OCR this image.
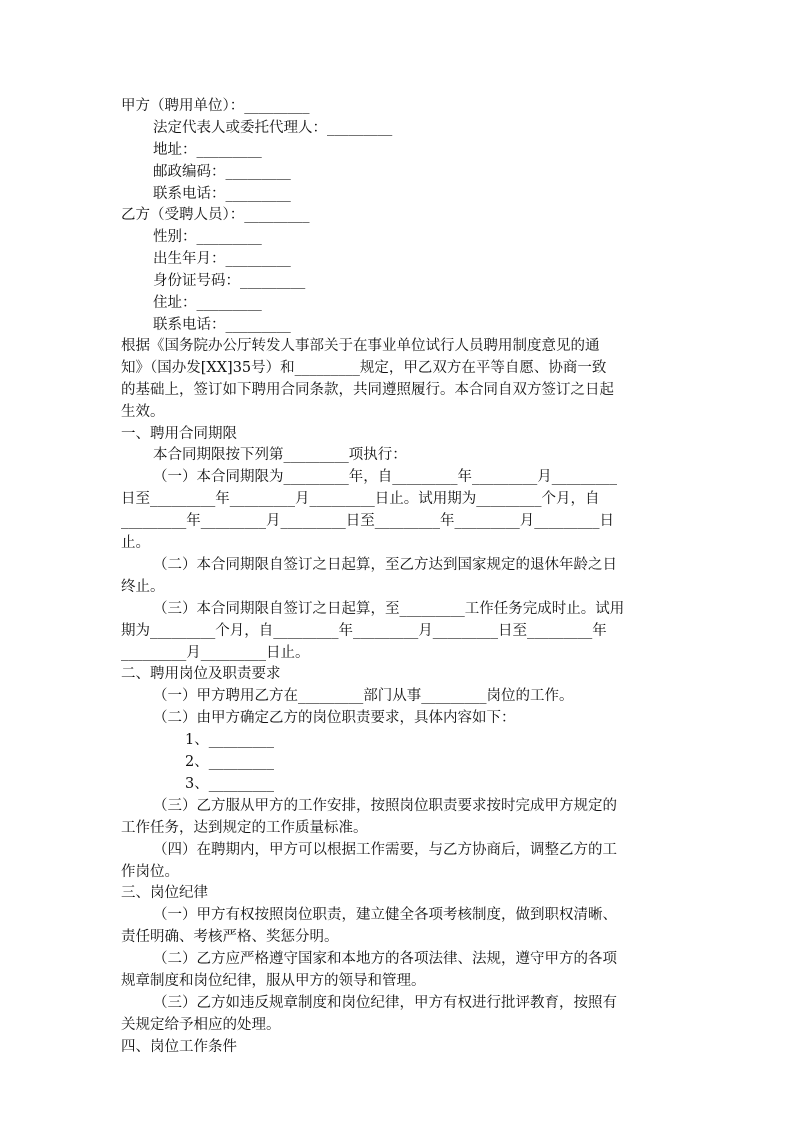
甲方（聘用单位）：_________
法定代表人或委托代理人：_________
地址：_________
邮政编码：_________
联系电话：_________
乙方（受聘人员）：_________
性别：_________
出生年月：_________
身份证号码：_________
住址：_________
联系电话：_________
根据《国务院办公厅转发人事部关于在事业单位试行人员聘用制度意见的通
知》（国办发[XX]35号）和_________规定，甲乙双方在平等自愿、协商一致
的基础上，签订如下聘用合同条款，共同遵照履行。本合同自双方签订之日起
生效。
一、聘用合同期限
本合同期限按下列第_________项执行：
（一）本合同期限为_________年，自_________年_________月_________
日至_________年_________月_________日止。试用期为_________个月，自
_________年_________月_________日至_________年_________月_________日
止。
（二）本合同期限自签订之日起算，至乙方达到国家规定的退休年龄之日
终止。
（三）本合同期限自签订之日起算，至_________工作任务完成时止。试用
期为_________个月，自_________年_________月_________日至_________年
_________月_________日止。
二、聘用岗位及职责要求
（一）甲方聘用乙方在_________部门从事_________岗位的工作。
（二）由甲方确定乙方的岗位职责要求，具体内容如下：
1、_________
2、_________
3、_________
（三）乙方服从甲方的工作安排，按照岗位职责要求按时完成甲方规定的
工作任务，达到规定的工作质量标准。
（四）在聘期内，甲方可以根据工作需要，与乙方协商后，调整乙方的工
作岗位。
三、岗位纪律
（一）甲方有权按照岗位职责，建立健全各项考核制度，做到职权清晰、
责任明确、考核严格、奖惩分明。
（二）乙方应严格遵守国家和本地方的各项法律、法规，遵守甲方的各项
规章制度和岗位纪律，服从甲方的领导和管理。
（三）乙方如违反规章制度和岗位纪律，甲方有权进行批评教育，按照有
关规定给予相应的处理。
四、岗位工作条件
